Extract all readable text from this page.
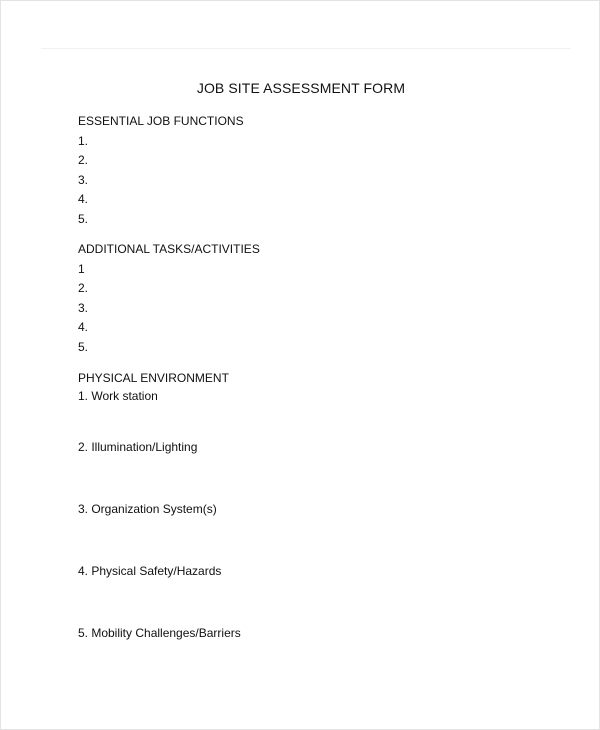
JOB SITE ASSESSMENT FORM
ESSENTIAL JOB FUNCTIONS
1.
2.
3.
4.
5.
ADDITIONAL TASKS/ACTIVITIES
1
2.
3.
4.
5.
PHYSICAL ENVIRONMENT
1. Work station
2. Illumination/Lighting
3. Organization System(s)
4. Physical Safety/Hazards
5. Mobility Challenges/Barriers
